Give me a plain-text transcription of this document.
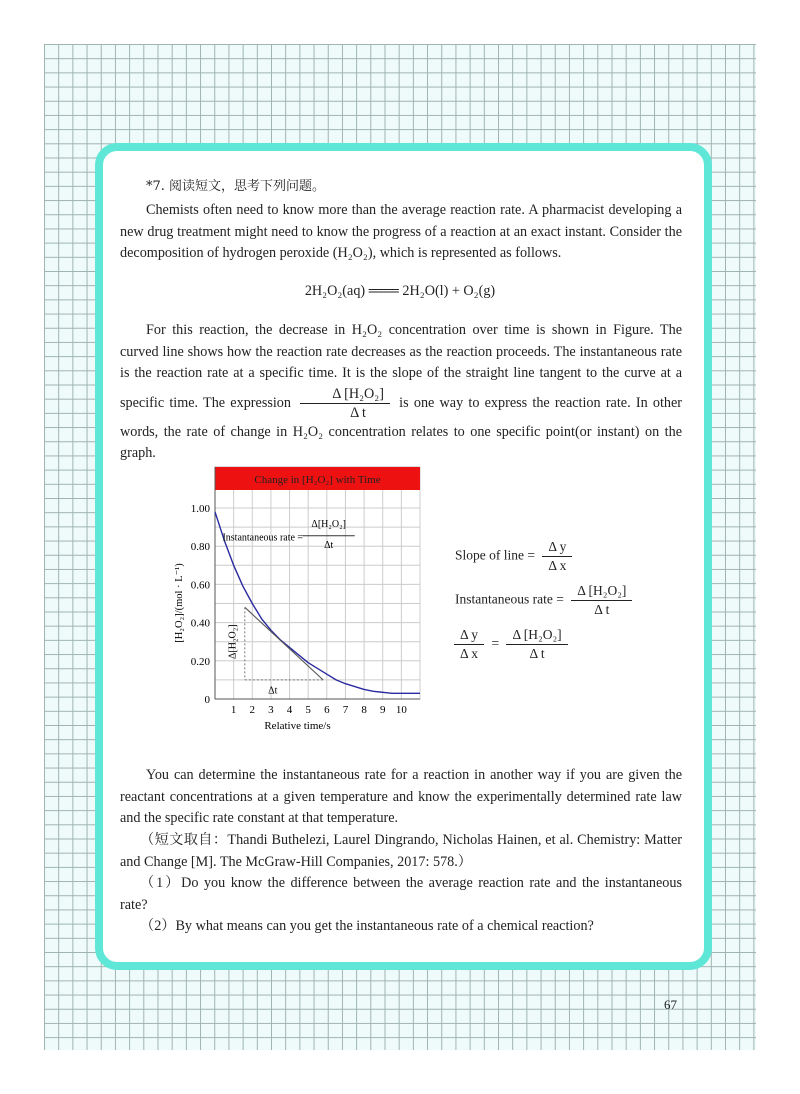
*7. 阅读短文，思考下列问题。
Chemists often need to know more than the average reaction rate. A pharmacist developing a new drug treatment might need to know the progress of a reaction at an exact instant. Consider the decomposition of hydrogen peroxide (H₂O₂), which is represented as follows.
2H₂O₂(aq) ═══ 2H₂O(l) + O₂(g)
For this reaction, the decrease in H₂O₂ concentration over time is shown in Figure. The curved line shows how the reaction rate decreases as the reaction proceeds. The instantaneous rate is the reaction rate at a specific time. It is the slope of the straight line tangent to the curve at a specific time. The expression $\frac{\text{Δ [H₂O₂]}}{\text{Δ t}}$ is one way to express the reaction rate. In other words, the rate of change in H₂O₂ concentration relates to one specific point(or instant) on the graph.
Change in [H₂O₂] with Time
0
0.20
0.40
0.60
0.80
1.00
1 2 3 4 5 6 7 8 9 10
Relative time/s
[H₂O₂]/(mol · L⁻¹)
Instantaneous rate =
Δ[H₂O₂]
Δt
Δ[H₂O₂]
Δt
Slope of line = $\frac{\text{Δ y}}{\text{Δ x}}$
Instantaneous rate = $\frac{\text{Δ [H₂O₂]}}{\text{Δ t}}$
$\frac{\text{Δ y}}{\text{Δ x}} = \frac{\text{Δ [H₂O₂]}}{\text{Δ t}}$
You can determine the instantaneous rate for a reaction in another way if you are given the reactant concentrations at a given temperature and know the experimentally determined rate law and the specific rate constant at that temperature.
（短文取自：Thandi Buthelezi, Laurel Dingrando, Nicholas Hainen, et al. Chemistry: Matter and Change [M]. The McGraw-Hill Companies, 2017: 578.）
（1）Do you know the difference between the average reaction rate and the instantaneous rate?
（2）By what means can you get the instantaneous rate of a chemical reaction?
67
